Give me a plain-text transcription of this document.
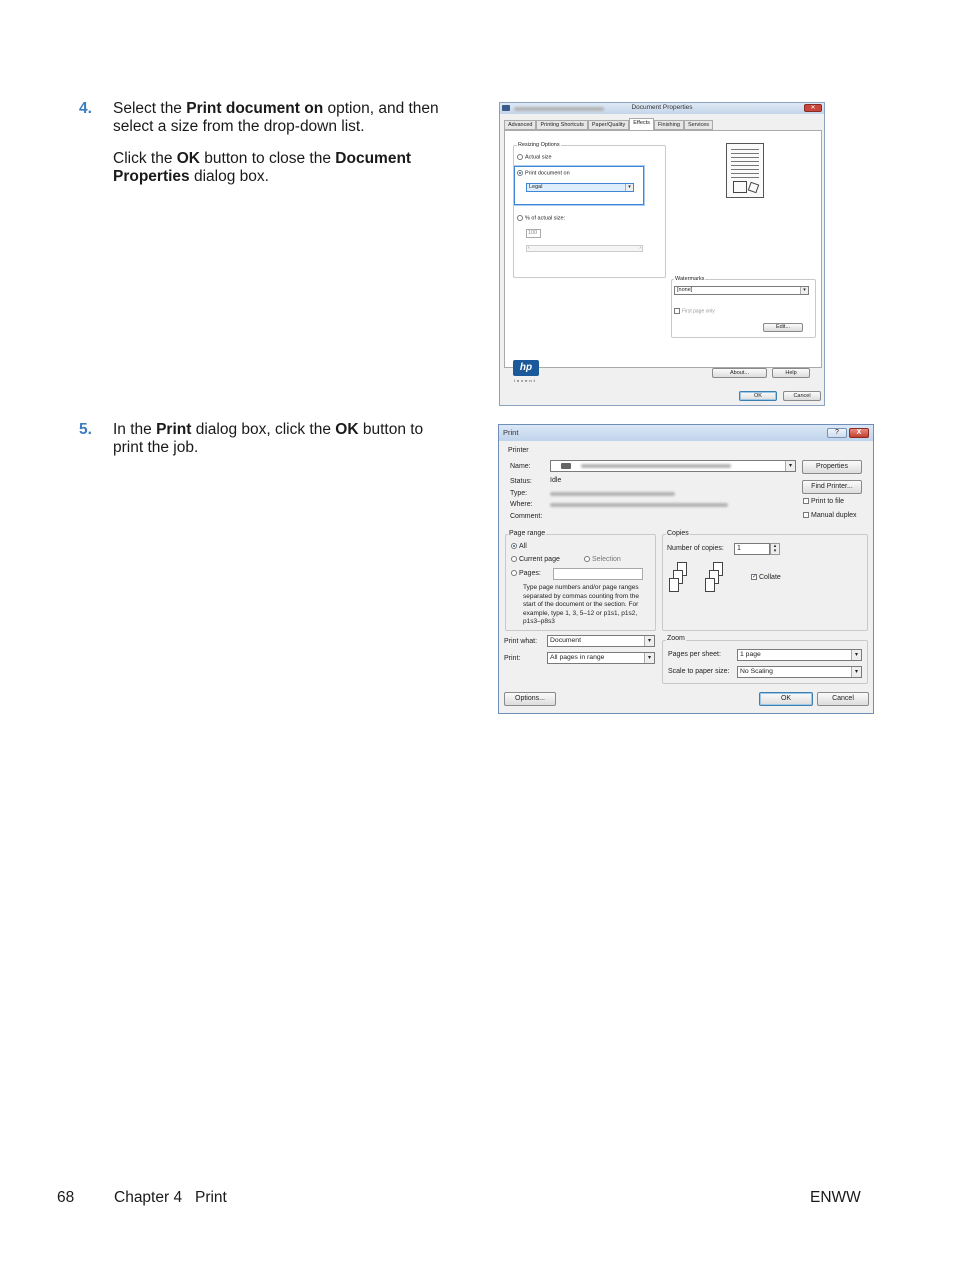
4. Select the Print document on option, and then select a size from the drop-down list.

Click the OK button to close the Document Properties dialog box.

Document Properties	✕
Advanced	Printing Shortcuts	Paper/Quality	Effects	Finishing	Services
Resizing Options
Actual size
Print document on
Legal	▾
% of actual size:
100
‹	›
Watermarks
[none]	▾
First page only
Edit...
hp
invent
About...	Help
OK	Cancel
5. In the Print dialog box, click the OK button to print the job.

Print	?	X
Printer
Name:	▾	Properties
Status:	Idle
Type:
Where:
Comment:
Find Printer...
Print to file
Manual duplex
Page range
All
Current page	Selection
Pages:
Type page numbers and/or page ranges separated by commas counting from the start of the document or the section. For example, type 1, 3, 5–12 or p1s1, p1s2, p1s3–p8s3
Copies
Number of copies:	1	▴
▾
✓ Collate
Print what:	Document	▾
Print:	All pages in range	▾
Zoom
Pages per sheet:	1 page	▾
Scale to paper size:	No Scaling	▾
Options...	OK	Cancel
68	Chapter 4   Print	ENWW
